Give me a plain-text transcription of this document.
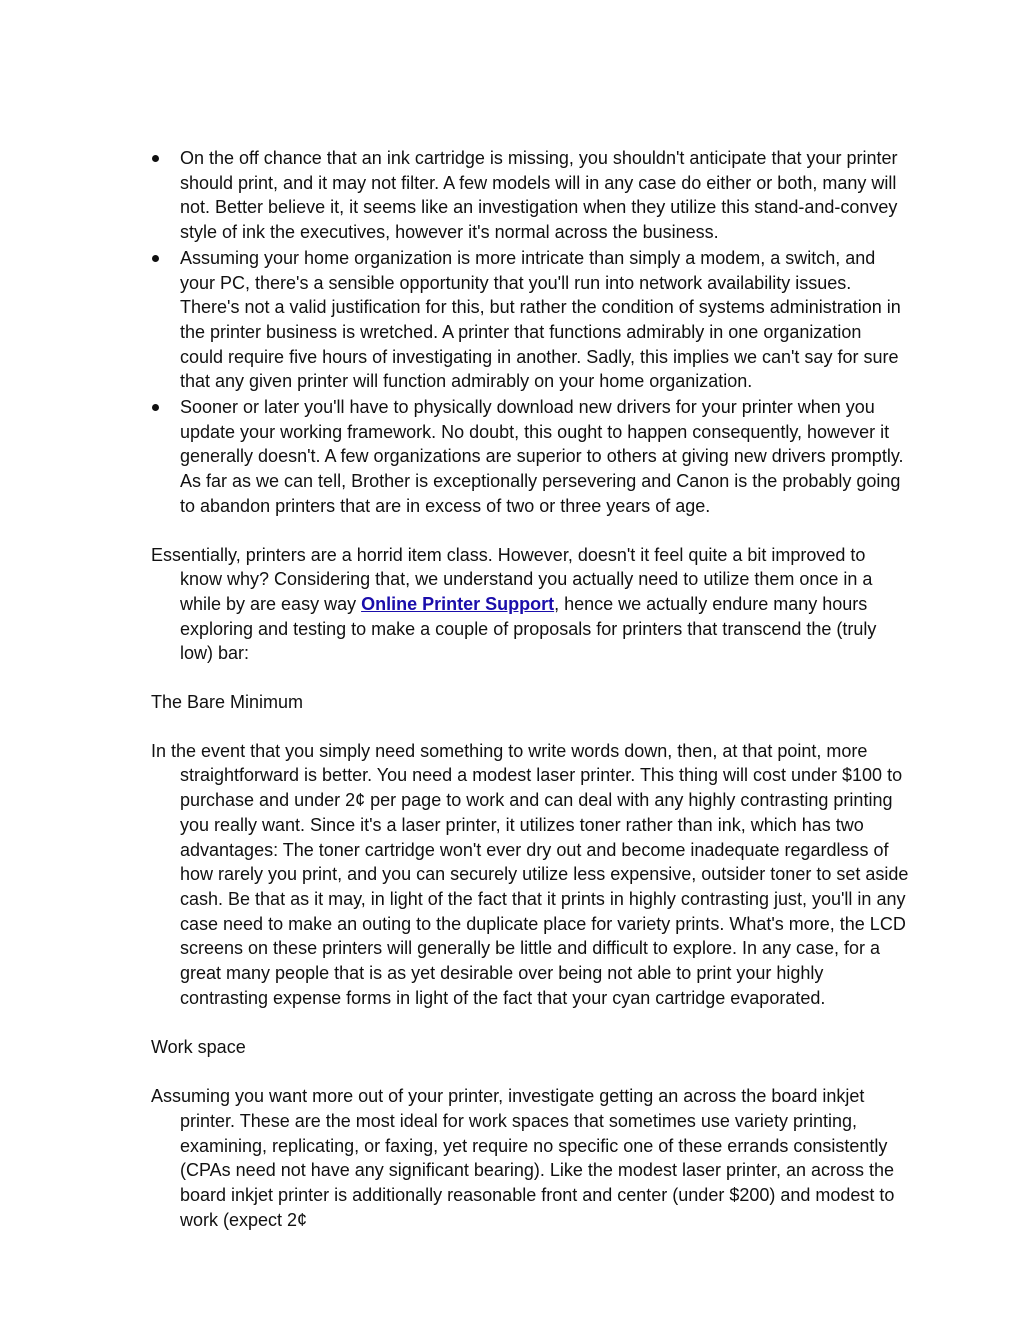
On the off chance that an ink cartridge is missing, you shouldn't anticipate that your printer should print, and it may not filter. A few models will in any case do either or both, many will not. Better believe it, it seems like an investigation when they utilize this stand-and-convey style of ink the executives, however it's normal across the business.
Assuming your home organization is more intricate than simply a modem, a switch, and your PC, there's a sensible opportunity that you'll run into network availability issues. There's not a valid justification for this, but rather the condition of systems administration in the printer business is wretched. A printer that functions admirably in one organization could require five hours of investigating in another. Sadly, this implies we can't say for sure that any given printer will function admirably on your home organization.
Sooner or later you'll have to physically download new drivers for your printer when you update your working framework. No doubt, this ought to happen consequently, however it generally doesn't. A few organizations are superior to others at giving new drivers promptly. As far as we can tell, Brother is exceptionally persevering and Canon is the probably going to abandon printers that are in excess of two or three years of age.

Essentially, printers are a horrid item class. However, doesn't it feel quite a bit improved to know why? Considering that, we understand you actually need to utilize them once in a while by are easy way Online Printer Support, hence we actually endure many hours exploring and testing to make a couple of proposals for printers that transcend the (truly low) bar:

The Bare Minimum

In the event that you simply need something to write words down, then, at that point, more straightforward is better. You need a modest laser printer. This thing will cost under $100 to purchase and under 2¢ per page to work and can deal with any highly contrasting printing you really want. Since it's a laser printer, it utilizes toner rather than ink, which has two advantages: The toner cartridge won't ever dry out and become inadequate regardless of how rarely you print, and you can securely utilize less expensive, outsider toner to set aside cash. Be that as it may, in light of the fact that it prints in highly contrasting just, you'll in any case need to make an outing to the duplicate place for variety prints. What's more, the LCD screens on these printers will generally be little and difficult to explore. In any case, for a great many people that is as yet desirable over being not able to print your highly contrasting expense forms in light of the fact that your cyan cartridge evaporated.

Work space

Assuming you want more out of your printer, investigate getting an across the board inkjet printer. These are the most ideal for work spaces that sometimes use variety printing, examining, replicating, or faxing, yet require no specific one of these errands consistently (CPAs need not have any significant bearing). Like the modest laser printer, an across the board inkjet printer is additionally reasonable front and center (under $200) and modest to work (expect 2¢
